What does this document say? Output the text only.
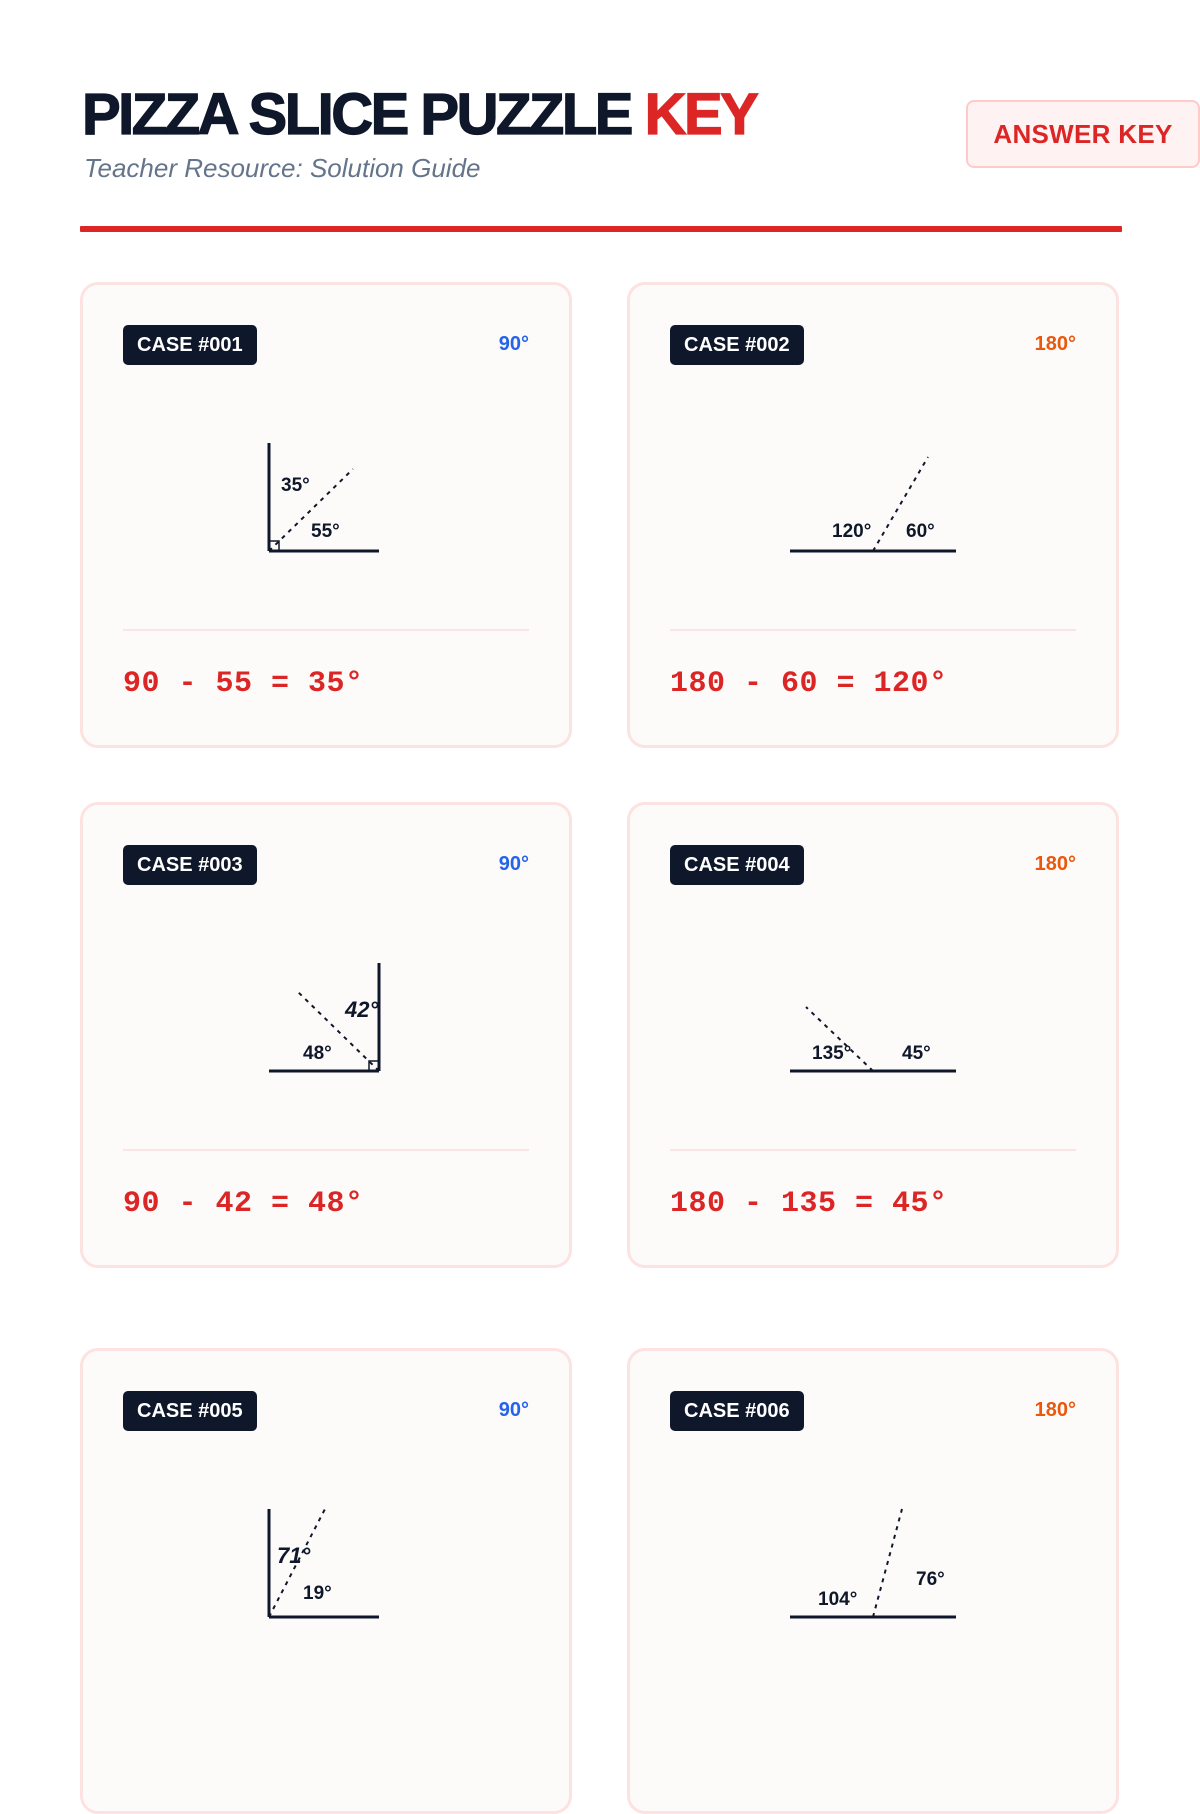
PIZZA SLICE PUZZLE KEY
Teacher Resource: Solution Guide
ANSWER KEY
CASE #001	90°
35°
55°
90 - 55 = 35°
CASE #002	180°
120° 60°
180 - 60 = 120°
CASE #003	90°
42°
48°
90 - 42 = 48°
CASE #004	180°
135°	45°
180 - 135 = 45°
CASE #005	90°
71°
19°
CASE #006	180°
104°
76°
